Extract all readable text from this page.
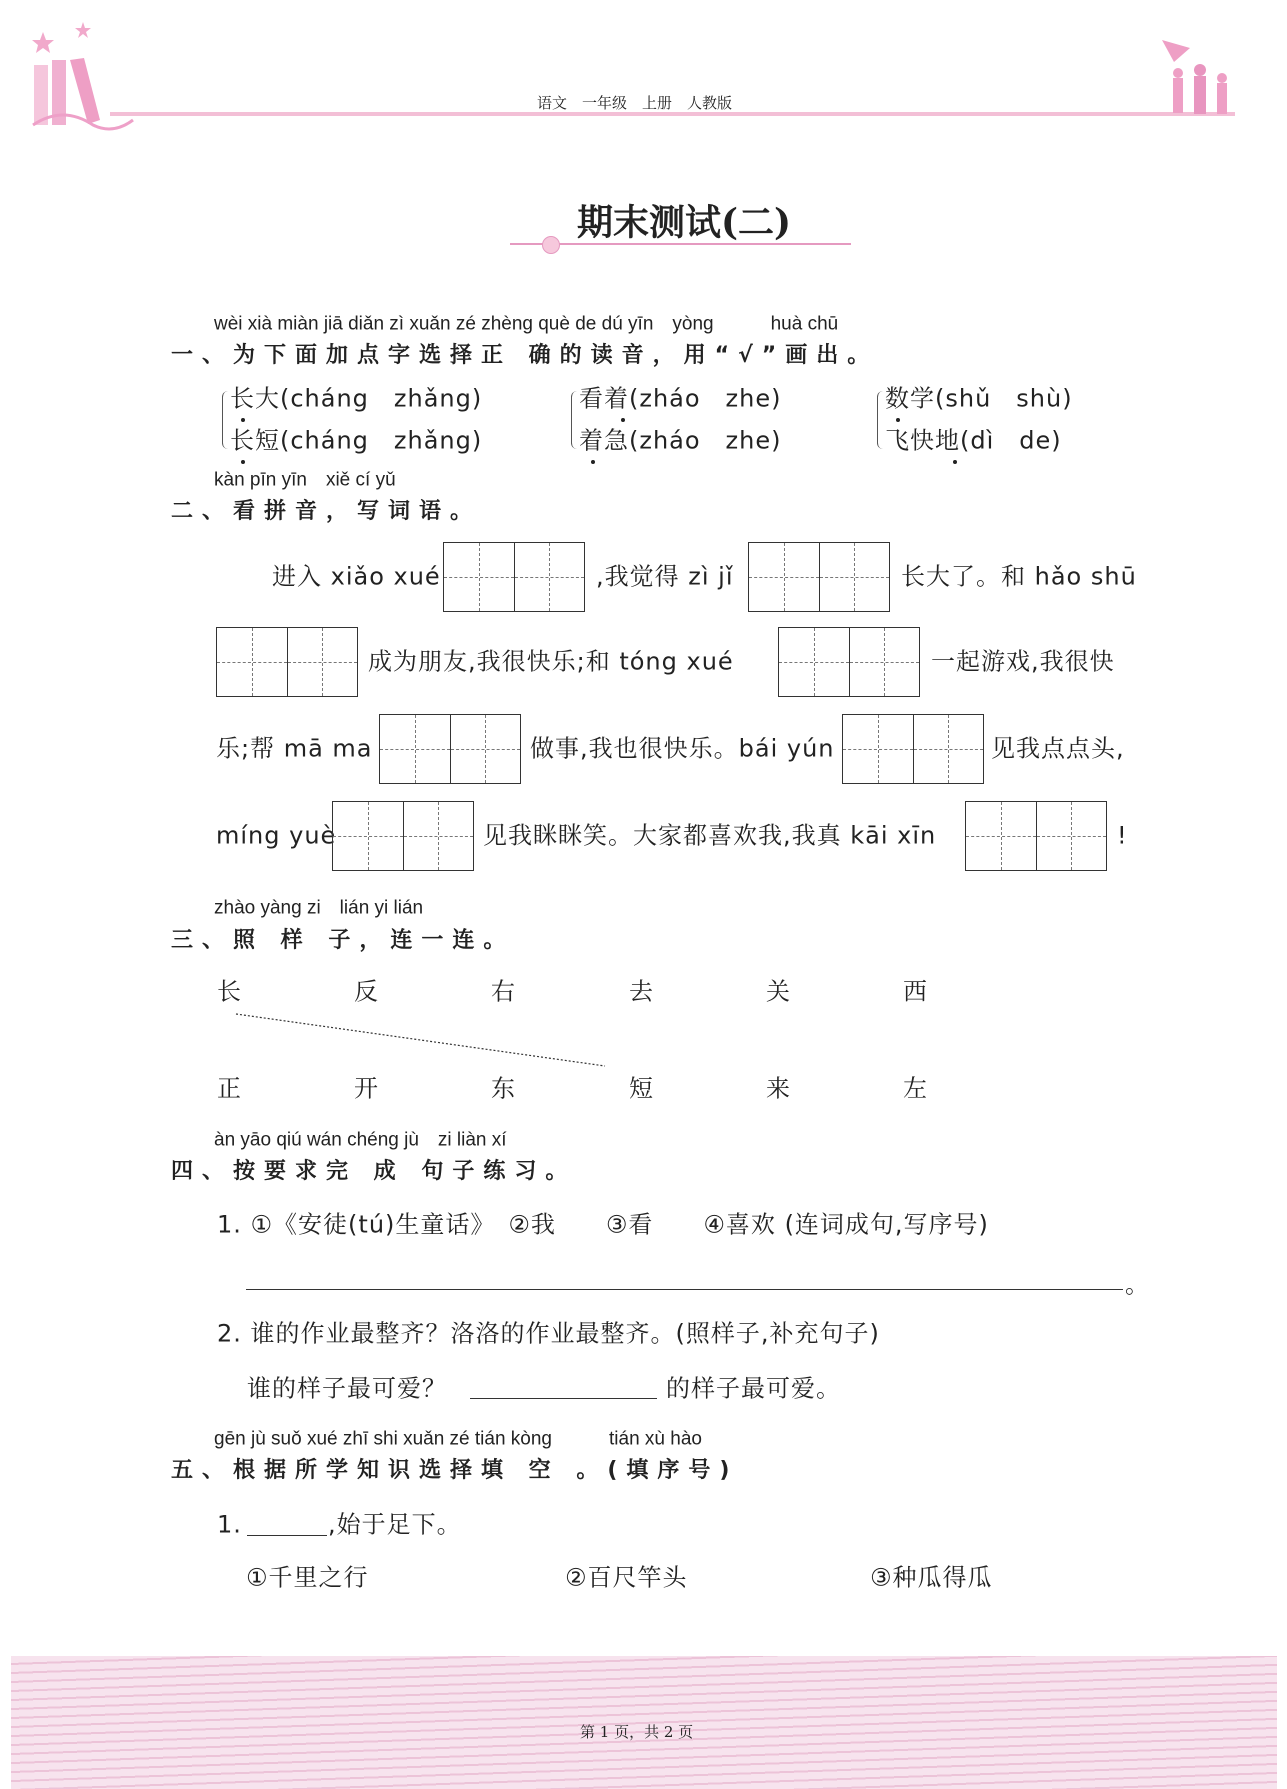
语文　一年级　上册　人教版
期末测试(二)
wèi xià miàn jiā diǎn zì xuǎn zé zhèng què de dú yīn　yòng　　　huà chū
一、为下面加点字选择正 确的读音，用“√”画出。
长大(cháng　zhǎng)
长短(cháng　zhǎng)
看着(zháo　zhe)
着急(zháo　zhe)
数学(shǔ　shù)
飞快地(dì　de)
kàn pīn yīn　xiě cí yǔ
二、看拼音，写词语。
进入 xiǎo xué	,我觉得 zì jǐ	长大了。和 hǎo shū
成为朋友,我很快乐;和 tóng xué	一起游戏,我很快
乐;帮 mā ma	做事,我也很快乐。bái yún	见我点点头,
míng yuè	见我眯眯笑。大家都喜欢我,我真 kāi xīn	!
zhào yàng zi　lián yi lián
三、照 样 子，连一连。
长	反	右	去	关	西
正	开	东	短	来	左
àn yāo qiú wán chéng jù　zi liàn xí
四、按要求完 成 句子练习。
1. ①《安徒(tú)生童话》　②我　　③看　　④喜欢 (连词成句,写序号)
。
2. 谁的作业最整齐？洛洛的作业最整齐。(照样子,补充句子)
谁的样子最可爱？	的样子最可爱。
gēn jù suǒ xué zhī shi xuǎn zé tián kòng　　　tián xù hào
五、根据所学知识选择填 空 。(填序号)
1.	,始于足下。
①千里之行	②百尺竿头	③种瓜得瓜
第 1 页，共 2 页
